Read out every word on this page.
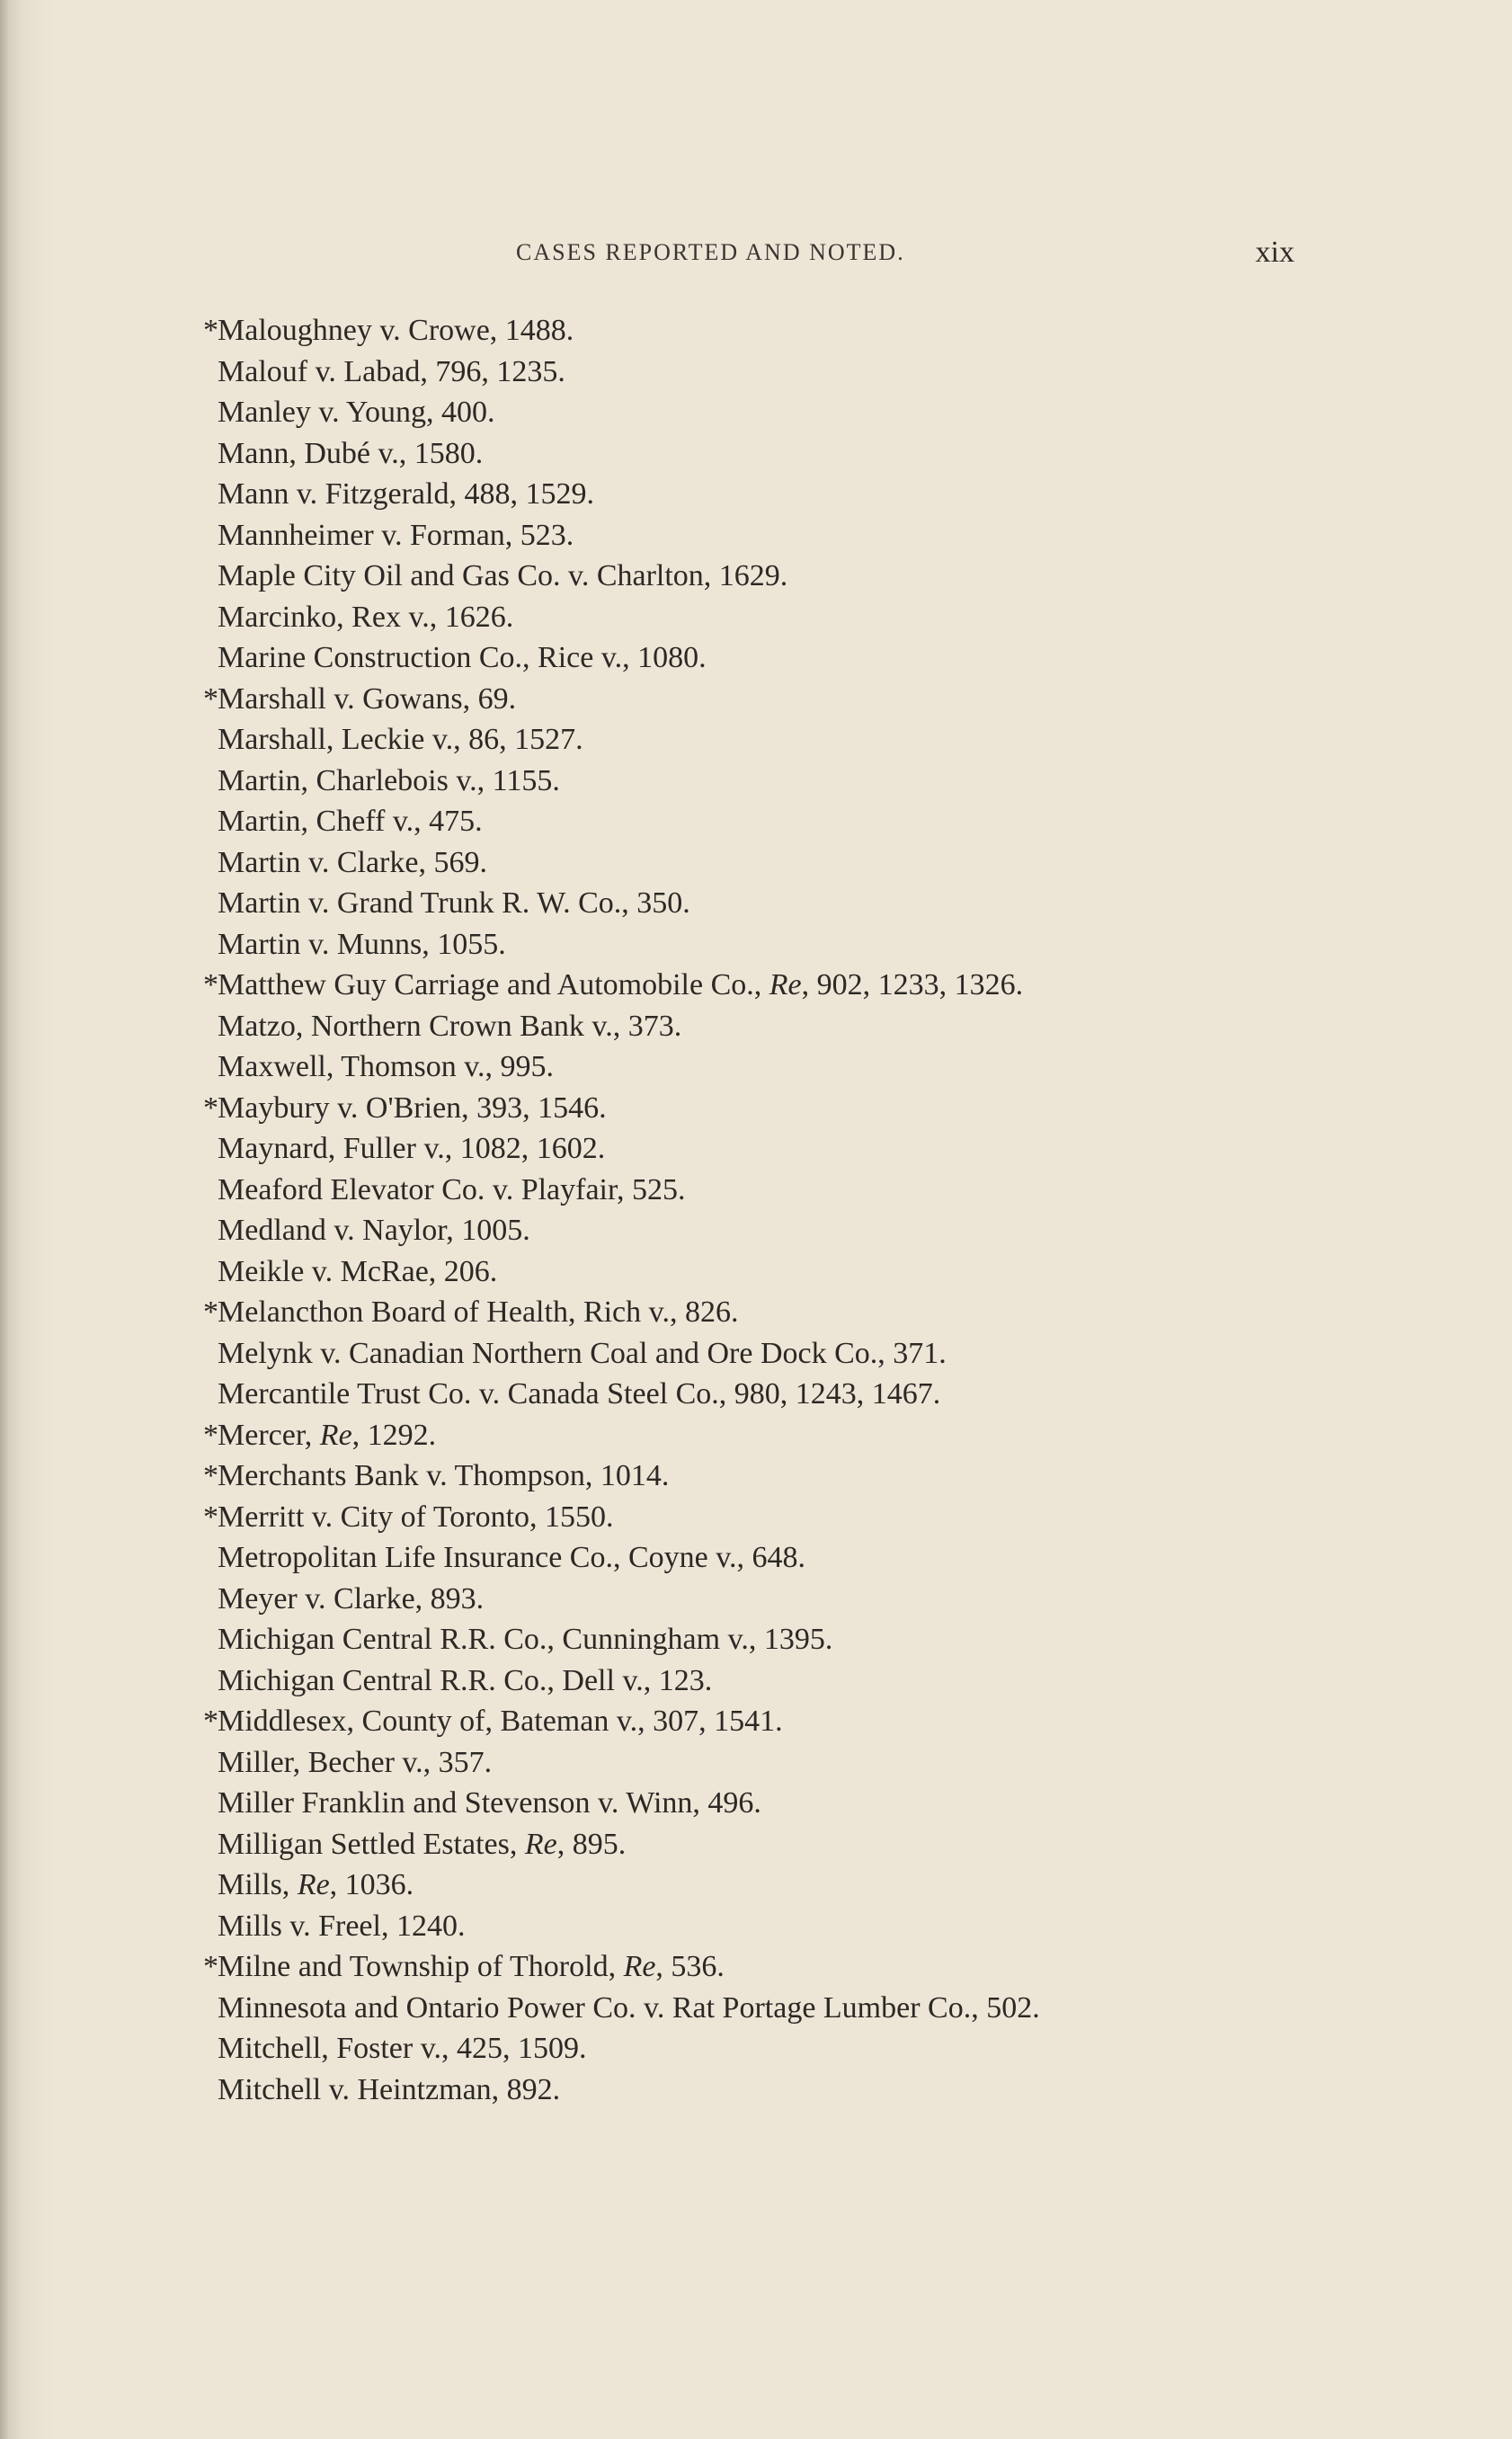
CASES REPORTED AND NOTED.	xix
*Maloughney v. Crowe, 1488.
Malouf v. Labad, 796, 1235.
Manley v. Young, 400.
Mann, Dubé v., 1580.
Mann v. Fitzgerald, 488, 1529.
Mannheimer v. Forman, 523.
Maple City Oil and Gas Co. v. Charlton, 1629.
Marcinko, Rex v., 1626.
Marine Construction Co., Rice v., 1080.
*Marshall v. Gowans, 69.
Marshall, Leckie v., 86, 1527.
Martin, Charlebois v., 1155.
Martin, Cheff v., 475.
Martin v. Clarke, 569.
Martin v. Grand Trunk R. W. Co., 350.
Martin v. Munns, 1055.
*Matthew Guy Carriage and Automobile Co., Re, 902, 1233, 1326.
Matzo, Northern Crown Bank v., 373.
Maxwell, Thomson v., 995.
*Maybury v. O'Brien, 393, 1546.
Maynard, Fuller v., 1082, 1602.
Meaford Elevator Co. v. Playfair, 525.
Medland v. Naylor, 1005.
Meikle v. McRae, 206.
*Melancthon Board of Health, Rich v., 826.
Melynk v. Canadian Northern Coal and Ore Dock Co., 371.
Mercantile Trust Co. v. Canada Steel Co., 980, 1243, 1467.
*Mercer, Re, 1292.
*Merchants Bank v. Thompson, 1014.
*Merritt v. City of Toronto, 1550.
Metropolitan Life Insurance Co., Coyne v., 648.
Meyer v. Clarke, 893.
Michigan Central R.R. Co., Cunningham v., 1395.
Michigan Central R.R. Co., Dell v., 123.
*Middlesex, County of, Bateman v., 307, 1541.
Miller, Becher v., 357.
Miller Franklin and Stevenson v. Winn, 496.
Milligan Settled Estates, Re, 895.
Mills, Re, 1036.
Mills v. Freel, 1240.
*Milne and Township of Thorold, Re, 536.
Minnesota and Ontario Power Co. v. Rat Portage Lumber Co., 502.
Mitchell, Foster v., 425, 1509.
Mitchell v. Heintzman, 892.
